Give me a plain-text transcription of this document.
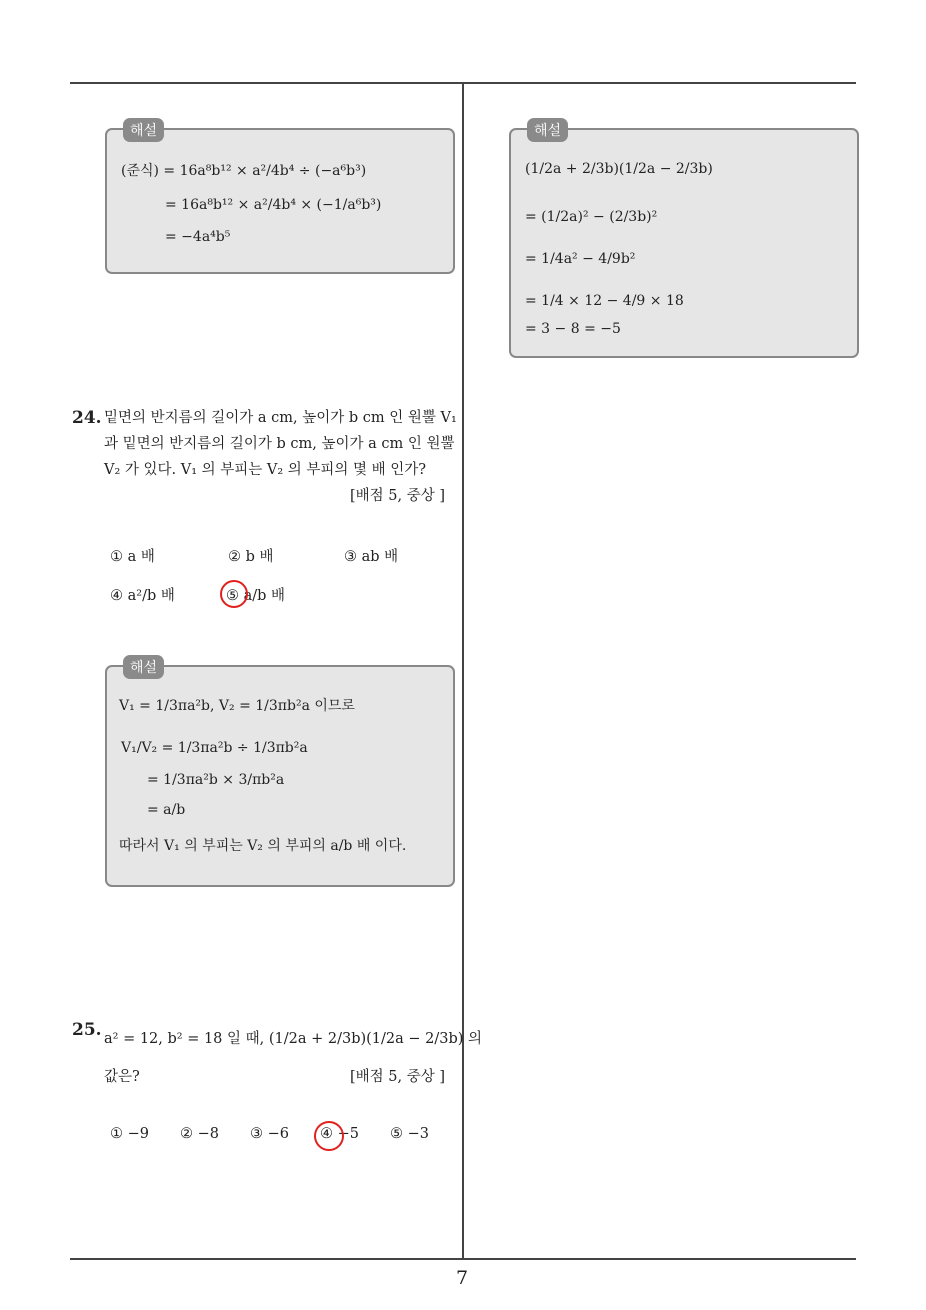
7
해설
(준식) = 16a⁸b¹² × a²/4b⁴ ÷ (−a⁶b³)
= 16a⁸b¹² × a²/4b⁴ × (−1/a⁶b³)
= −4a⁴b⁵
해설
(1/2a + 2/3b)(1/2a − 2/3b)
= (1/2a)² − (2/3b)²
= 1/4a² − 4/9b²
= 1/4 × 12 − 4/9 × 18
= 3 − 8 = −5
24. 밑면의 반지름의 길이가 a cm, 높이가 b cm 인 원뿔 V₁
과 밑면의 반지름의 길이가 b cm, 높이가 a cm 인 원뿔
V₂ 가 있다. V₁ 의 부피는 V₂ 의 부피의 몇 배 인가?
[배점 5, 중상 ]
① a 배	② b 배	③ ab 배
④ a²/b 배	⑤ a/b 배
해설
V₁ = 1/3πa²b, V₂ = 1/3πb²a 이므로
V₁/V₂ = 1/3πa²b ÷ 1/3πb²a
= 1/3πa²b × 3/πb²a
= a/b
따라서 V₁ 의 부피는 V₂ 의 부피의 a/b 배 이다.
25. a² = 12, b² = 18 일 때, (1/2a + 2/3b)(1/2a − 2/3b) 의
값은?	[배점 5, 중상 ]
① −9 ② −8 ③ −6 ④ −5 ⑤ −3
